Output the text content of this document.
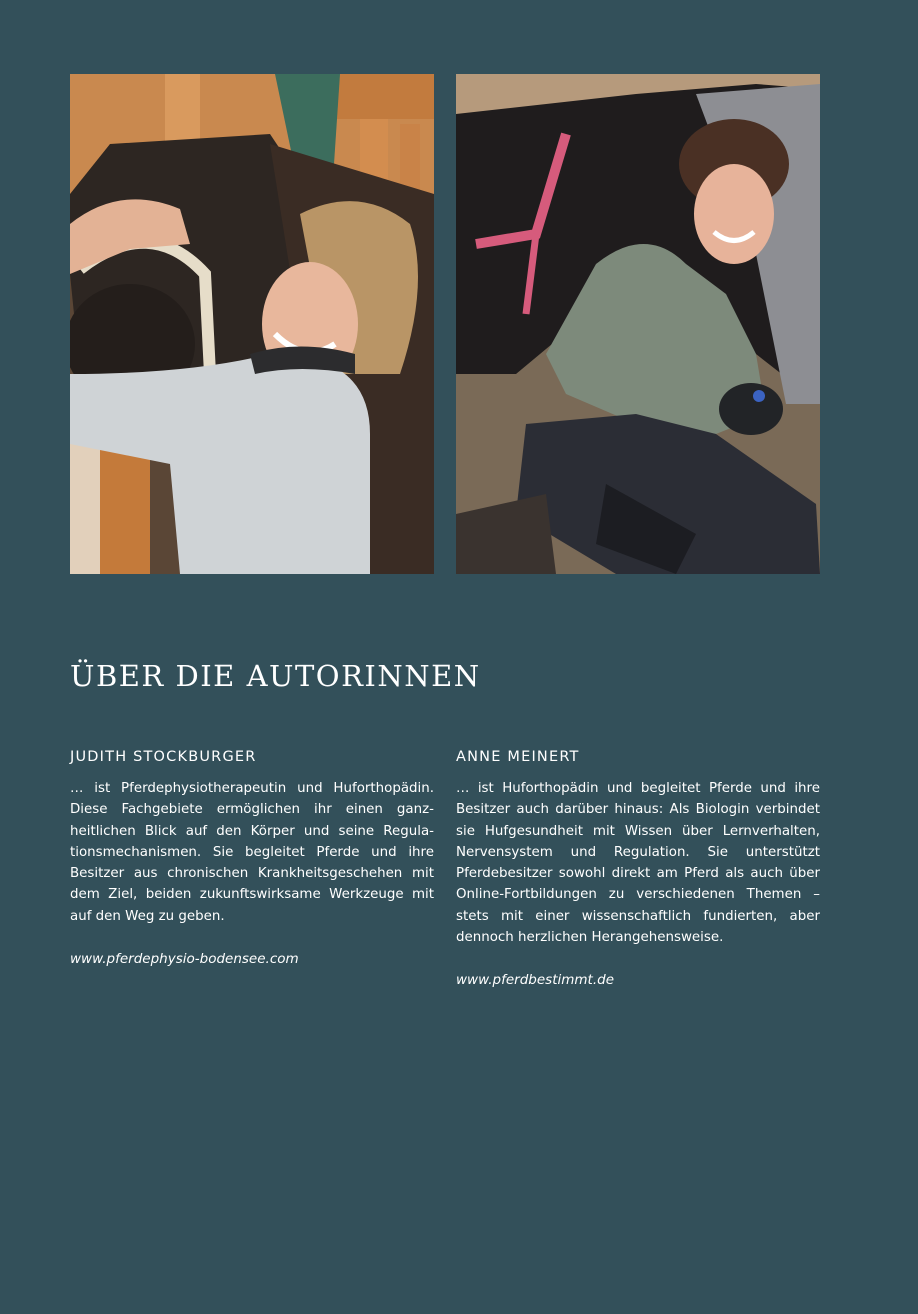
ÜBER DIE AUTORINNEN
JUDITH STOCKBURGER

… ist Pferdephysiotherapeutin und Huforthopädin. Diese Fachgebiete ermöglichen ihr einen ganzheitlichen Blick auf den Körper und seine Regulationsmechanismen. Sie begleitet Pferde und ihre Besitzer aus chronischen Krankheitsgeschehen mit dem Ziel, beiden zukunftswirksame Werkzeuge mit auf den Weg zu geben.

www.pferdephysio-bodensee.com
ANNE MEINERT

… ist Huforthopädin und begleitet Pferde und ihre Besitzer auch darüber hinaus: Als Biologin verbindet sie Hufgesundheit mit Wissen über Lernverhalten, Nervensystem und Regulation. Sie unterstützt Pferdebesitzer sowohl direkt am Pferd als auch über Online-Fortbildungen zu verschiedenen Themen – stets mit einer wissenschaftlich fundierten, aber dennoch herzlichen Herangehensweise.

www.pferdbestimmt.de
